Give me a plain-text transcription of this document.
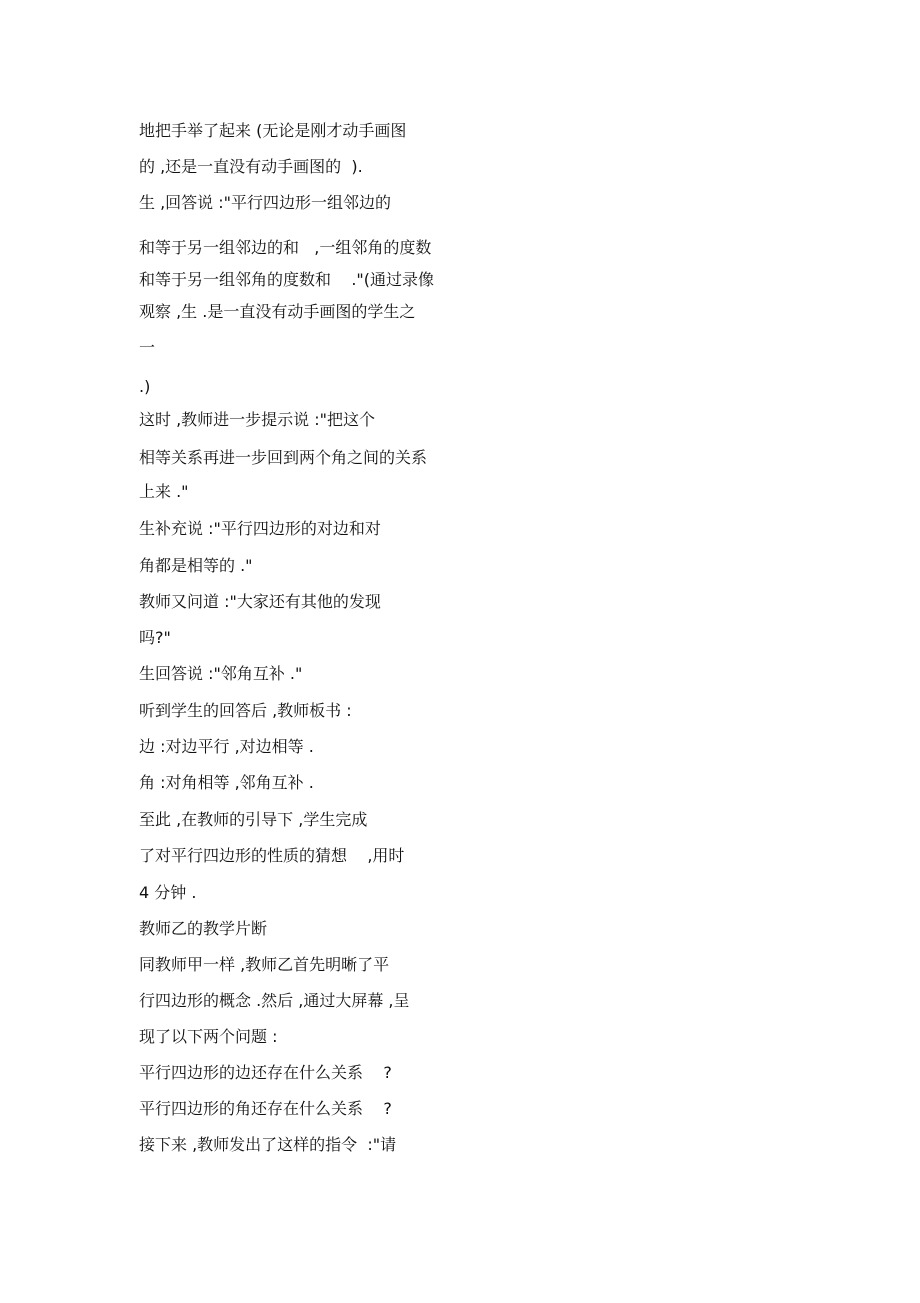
地把手举了起来 (无论是刚才动手画图

的 ,还是一直没有动手画图的  ).

生 ,回答说 :"平行四边形一组邻边的

和等于另一组邻边的和   ,一组邻角的度数

和等于另一组邻角的度数和    ."(通过录像

观察 ,生 .是一直没有动手画图的学生之

一

.)

这时 ,教师进一步提示说 :"把这个

相等关系再进一步回到两个角之间的关系

上来 ."

生补充说 :"平行四边形的对边和对

角都是相等的 ."

教师又问道 :"大家还有其他的发现

吗?"

生回答说 :"邻角互补 ."

听到学生的回答后 ,教师板书 :

边 :对边平行 ,对边相等 .

角 :对角相等 ,邻角互补 .

至此 ,在教师的引导下 ,学生完成

了对平行四边形的性质的猜想    ,用时

4 分钟 .

教师乙的教学片断

同教师甲一样 ,教师乙首先明晰了平

行四边形的概念 .然后 ,通过大屏幕 ,呈

现了以下两个问题 :

平行四边形的边还存在什么关系    ?

平行四边形的角还存在什么关系    ?

接下来 ,教师发出了这样的指令  :"请
